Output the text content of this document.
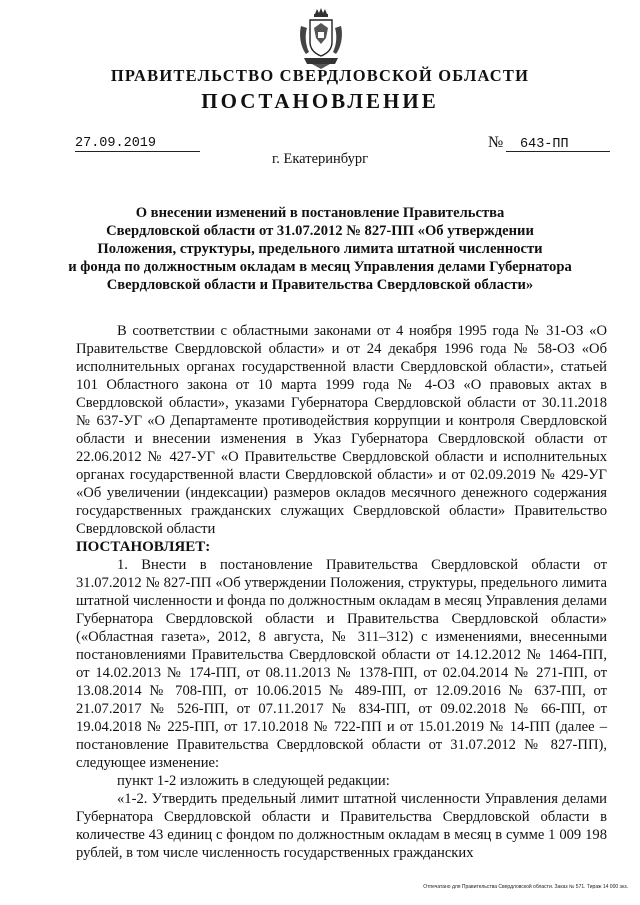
ПРАВИТЕЛЬСТВО СВЕРДЛОВСКОЙ ОБЛАСТИ
ПОСТАНОВЛЕНИЕ
27.09.2019	№ 643-ПП
г. Екатеринбург
О внесении изменений в постановление Правительства
Свердловской области от 31.07.2012 № 827-ПП «Об утверждении
Положения, структуры, предельного лимита штатной численности
и фонда по должностным окладам в месяц Управления делами Губернатора
Свердловской области и Правительства Свердловской области»

В соответствии с областными законами от 4 ноября 1995 года № 31-ОЗ «О Правительстве Свердловской области» и от 24 декабря 1996 года № 58-ОЗ «Об исполнительных органах государственной власти Свердловской области», статьей 101 Областного закона от 10 марта 1999 года № 4-ОЗ «О правовых актах в Свердловской области», указами Губернатора Свердловской области от 30.11.2018 № 637-УГ «О Департаменте противодействия коррупции и контроля Свердловской области и внесении изменения в Указ Губернатора Свердловской области от 22.06.2012 № 427-УГ «О Правительстве Свердловской области и исполнительных органах государственной власти Свердловской области» и от 02.09.2019 № 429-УГ «Об увеличении (индексации) размеров окладов месячного денежного содержания государственных гражданских служащих Свердловской области» Правительство Свердловской области

ПОСТАНОВЛЯЕТ:

1. Внести в постановление Правительства Свердловской области от 31.07.2012 № 827-ПП «Об утверждении Положения, структуры, предельного лимита штатной численности и фонда по должностным окладам в месяц Управления делами Губернатора Свердловской области и Правительства Свердловской области» («Областная газета», 2012, 8 августа, № 311–312) с изменениями, внесенными постановлениями Правительства Свердловской области от 14.12.2012 № 1464-ПП, от 14.02.2013 № 174-ПП, от 08.11.2013 № 1378-ПП, от 02.04.2014 № 271-ПП, от 13.08.2014 № 708-ПП, от 10.06.2015 № 489-ПП, от 12.09.2016 № 637-ПП, от 21.07.2017 № 526-ПП, от 07.11.2017 № 834-ПП, от 09.02.2018 № 66-ПП, от 19.04.2018 № 225-ПП, от 17.10.2018 № 722-ПП и от 15.01.2019 № 14-ПП (далее – постановление Правительства Свердловской области от 31.07.2012 № 827-ПП), следующее изменение:

пункт 1-2 изложить в следующей редакции:

«1-2. Утвердить предельный лимит штатной численности Управления делами Губернатора Свердловской области и Правительства Свердловской области в количестве 43 единиц с фондом по должностным окладам в месяц в сумме 1 009 198 рублей, в том числе численность государственных гражданских

Отпечатано для Правительства Свердловской области. Заказ № 571. Тираж 14 000 экз.
